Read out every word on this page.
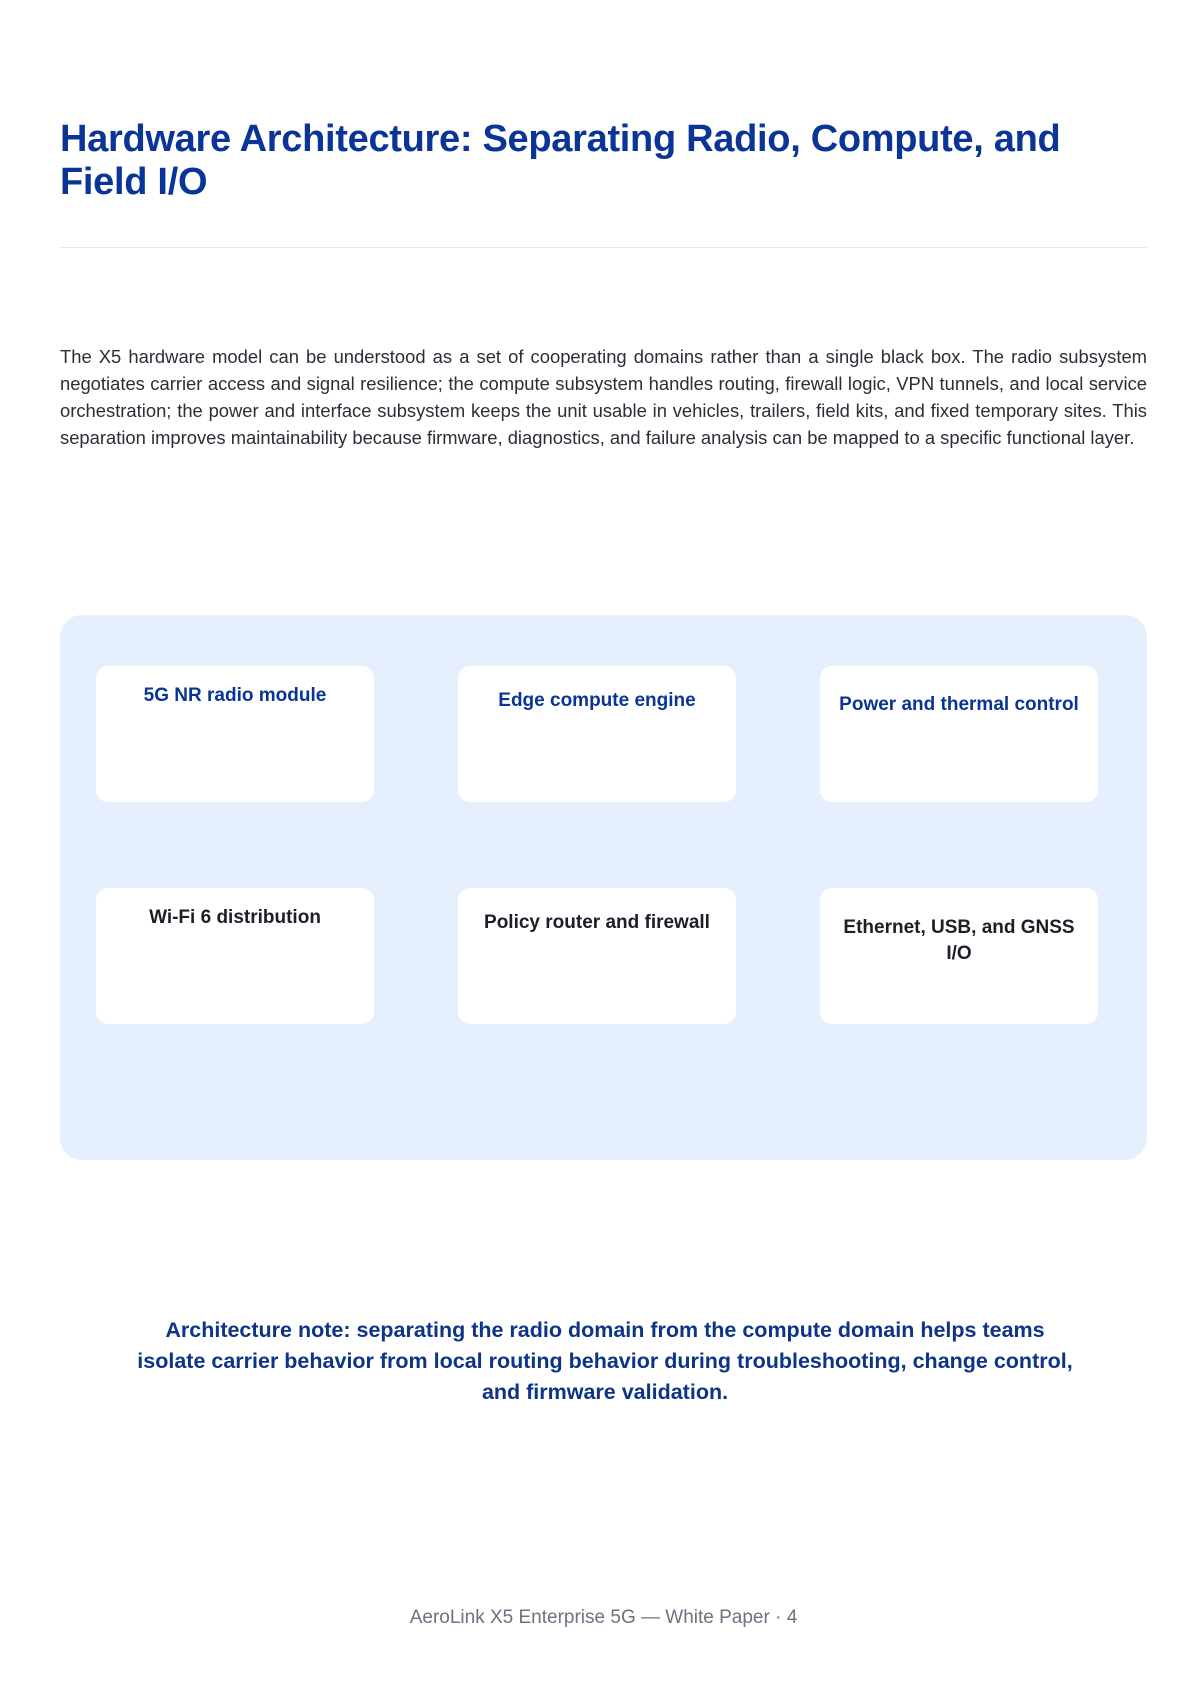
Hardware Architecture: Separating Radio, Compute, and Field I/O

The X5 hardware model can be understood as a set of cooperating domains rather than a single black box. The radio subsystem negotiates carrier access and signal resilience; the compute subsystem handles routing, firewall logic, VPN tunnels, and local service orchestration; the power and interface subsystem keeps the unit usable in vehicles, trailers, field kits, and fixed temporary sites. This separation improves maintainability because firmware, diagnostics, and failure analysis can be mapped to a specific functional layer.

5G NR radio module	Edge compute engine	Power and thermal control
Wi-Fi 6 distribution	Policy router and firewall	Ethernet, USB, and GNSS I/O

Architecture note: separating the radio domain from the compute domain helps teams isolate carrier behavior from local routing behavior during troubleshooting, change control, and firmware validation.

AeroLink X5 Enterprise 5G — White Paper · 4
